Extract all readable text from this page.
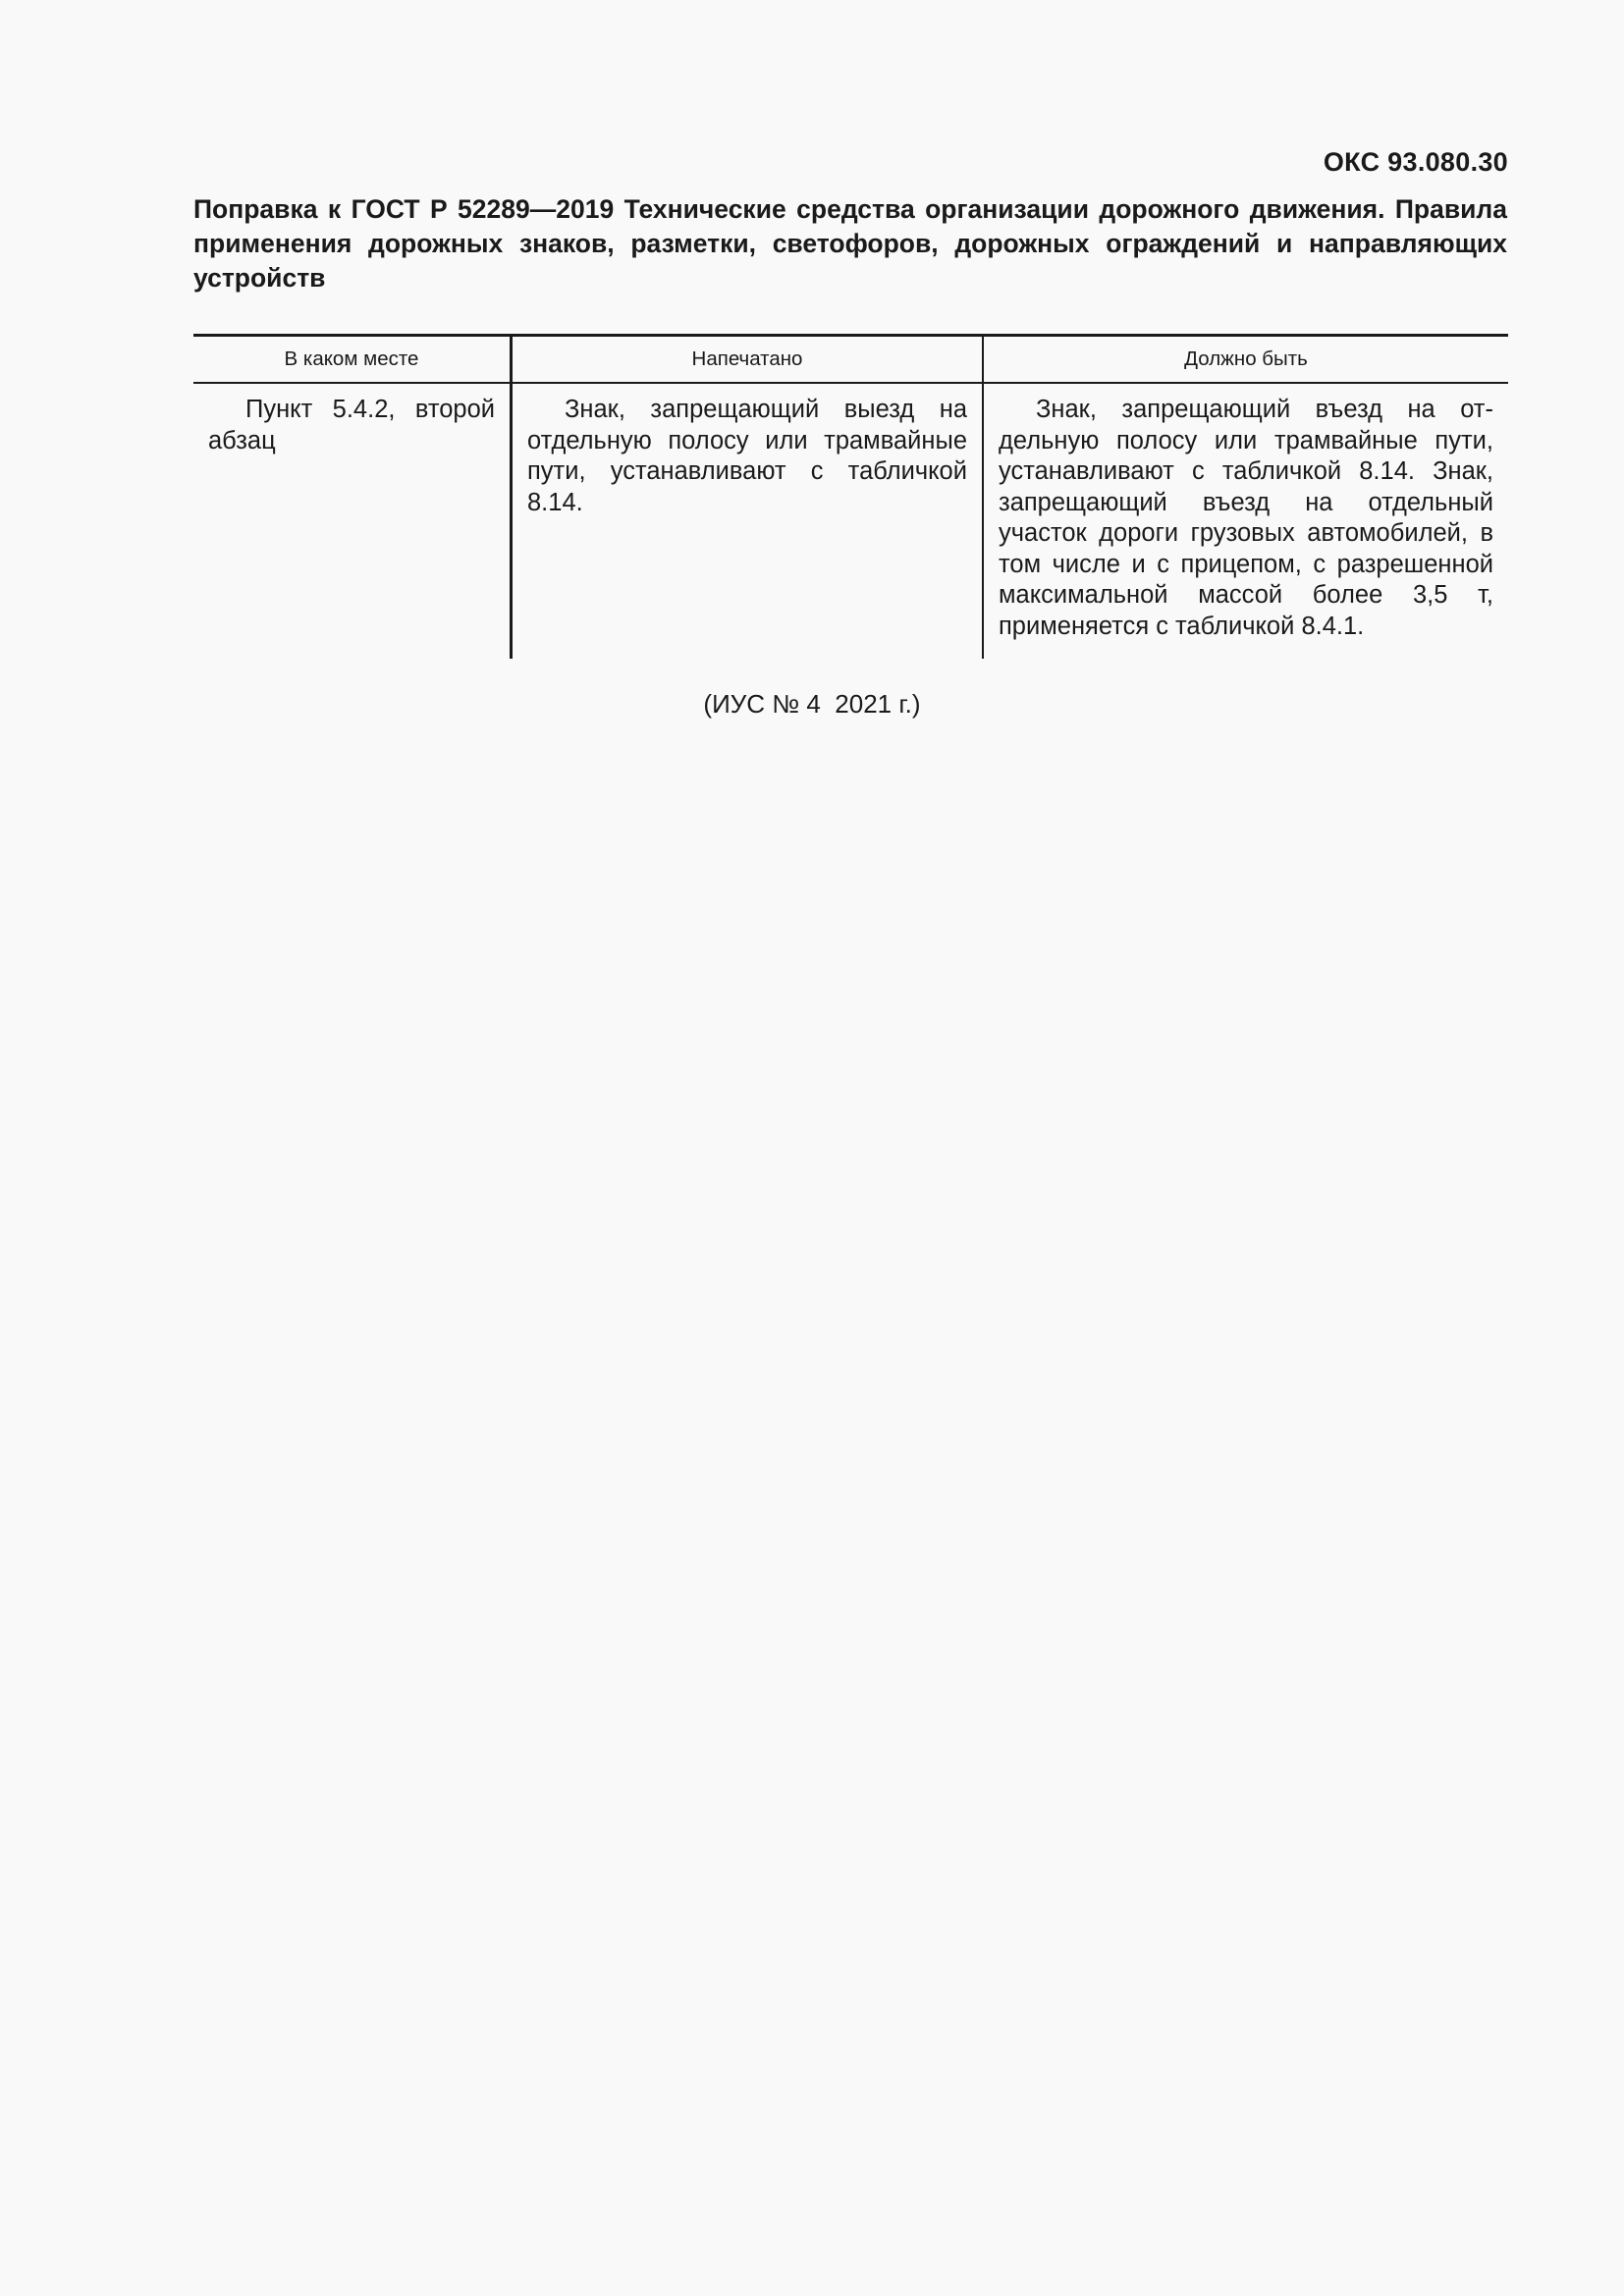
ОКС 93.080.30
Поправка к ГОСТ Р 52289—2019 Технические средства организации дорожного движения. Правила применения дорожных знаков, разметки, светофоров, дорожных ограждений и направляющих устройств
В каком месте	Напечатано	Должно быть
Пункт 5.4.2, второй абзац
Знак, запрещающий выезд на отдельную полосу или трамвайные пути, устанавливают с табличкой 8.14.
Знак, запрещающий въезд на отдельную полосу или трамвайные пути, устанавливают с табличкой 8.14. Знак, запрещающий въезд на отдельный участок дороги грузовых автомобилей, в том числе и с прицепом, с разрешенной максимальной массой более 3,5 т, применяется с табличкой 8.4.1.
(ИУС № 4  2021 г.)
